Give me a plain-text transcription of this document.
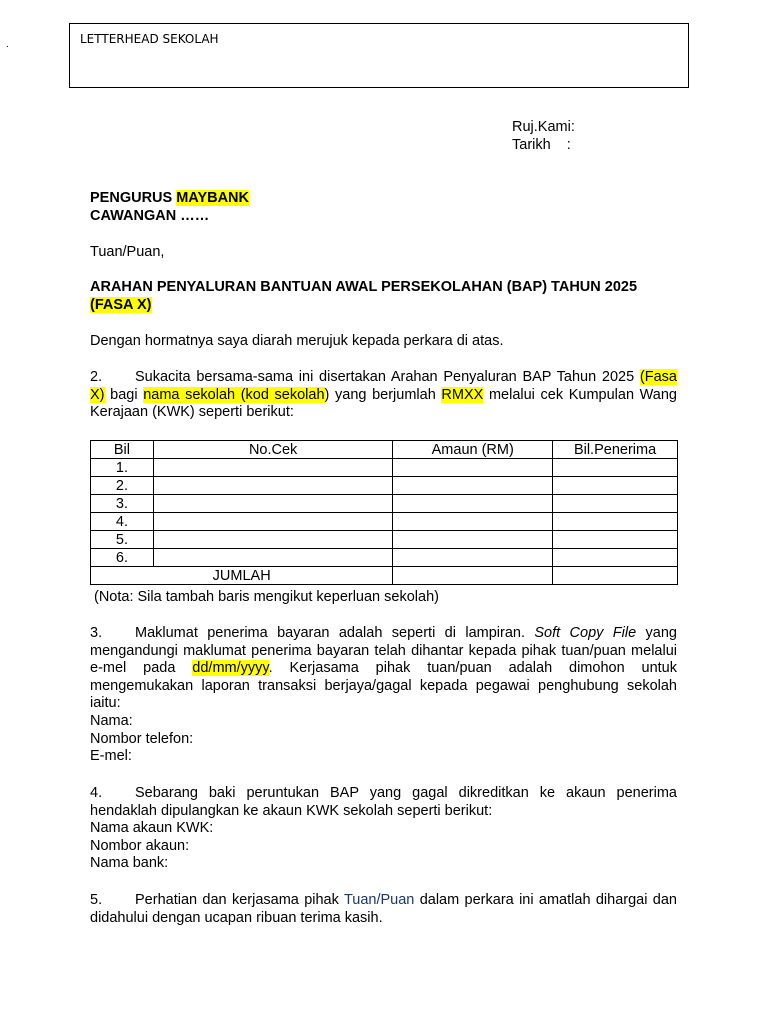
.	LETTERHEAD SEKOLAH
Ruj.Kami:
Tarikh    :
PENGURUS MAYBANK
CAWANGAN ……
Tuan/Puan,
ARAHAN PENYALURAN BANTUAN AWAL PERSEKOLAHAN (BAP) TAHUN 2025
(FASA X)
Dengan hormatnya saya diarah merujuk kepada perkara di atas.
2. Sukacita bersama-sama ini disertakan Arahan Penyaluran BAP Tahun 2025 (Fasa X) bagi nama sekolah (kod sekolah) yang berjumlah RMXX melalui cek Kumpulan Wang Kerajaan (KWK) seperti berikut:
Bil	No.Cek	Amaun (RM)	Bil.Penerima
1.			
2.			
3.			
4.			
5.			
6.			
JUMLAH			
(Nota: Sila tambah baris mengikut keperluan sekolah)
3. Maklumat penerima bayaran adalah seperti di lampiran. Soft Copy File yang mengandungi maklumat penerima bayaran telah dihantar kepada pihak tuan/puan melalui e-mel pada dd/mm/yyyy. Kerjasama pihak tuan/puan adalah dimohon untuk mengemukakan laporan transaksi berjaya/gagal kepada pegawai penghubung sekolah iaitu:
Nama:
Nombor telefon:
E-mel:
4. Sebarang baki peruntukan BAP yang gagal dikreditkan ke akaun penerima hendaklah dipulangkan ke akaun KWK sekolah seperti berikut:
Nama akaun KWK:
Nombor akaun:
Nama bank:
5. Perhatian dan kerjasama pihak Tuan/Puan dalam perkara ini amatlah dihargai dan didahului dengan ucapan ribuan terima kasih.
